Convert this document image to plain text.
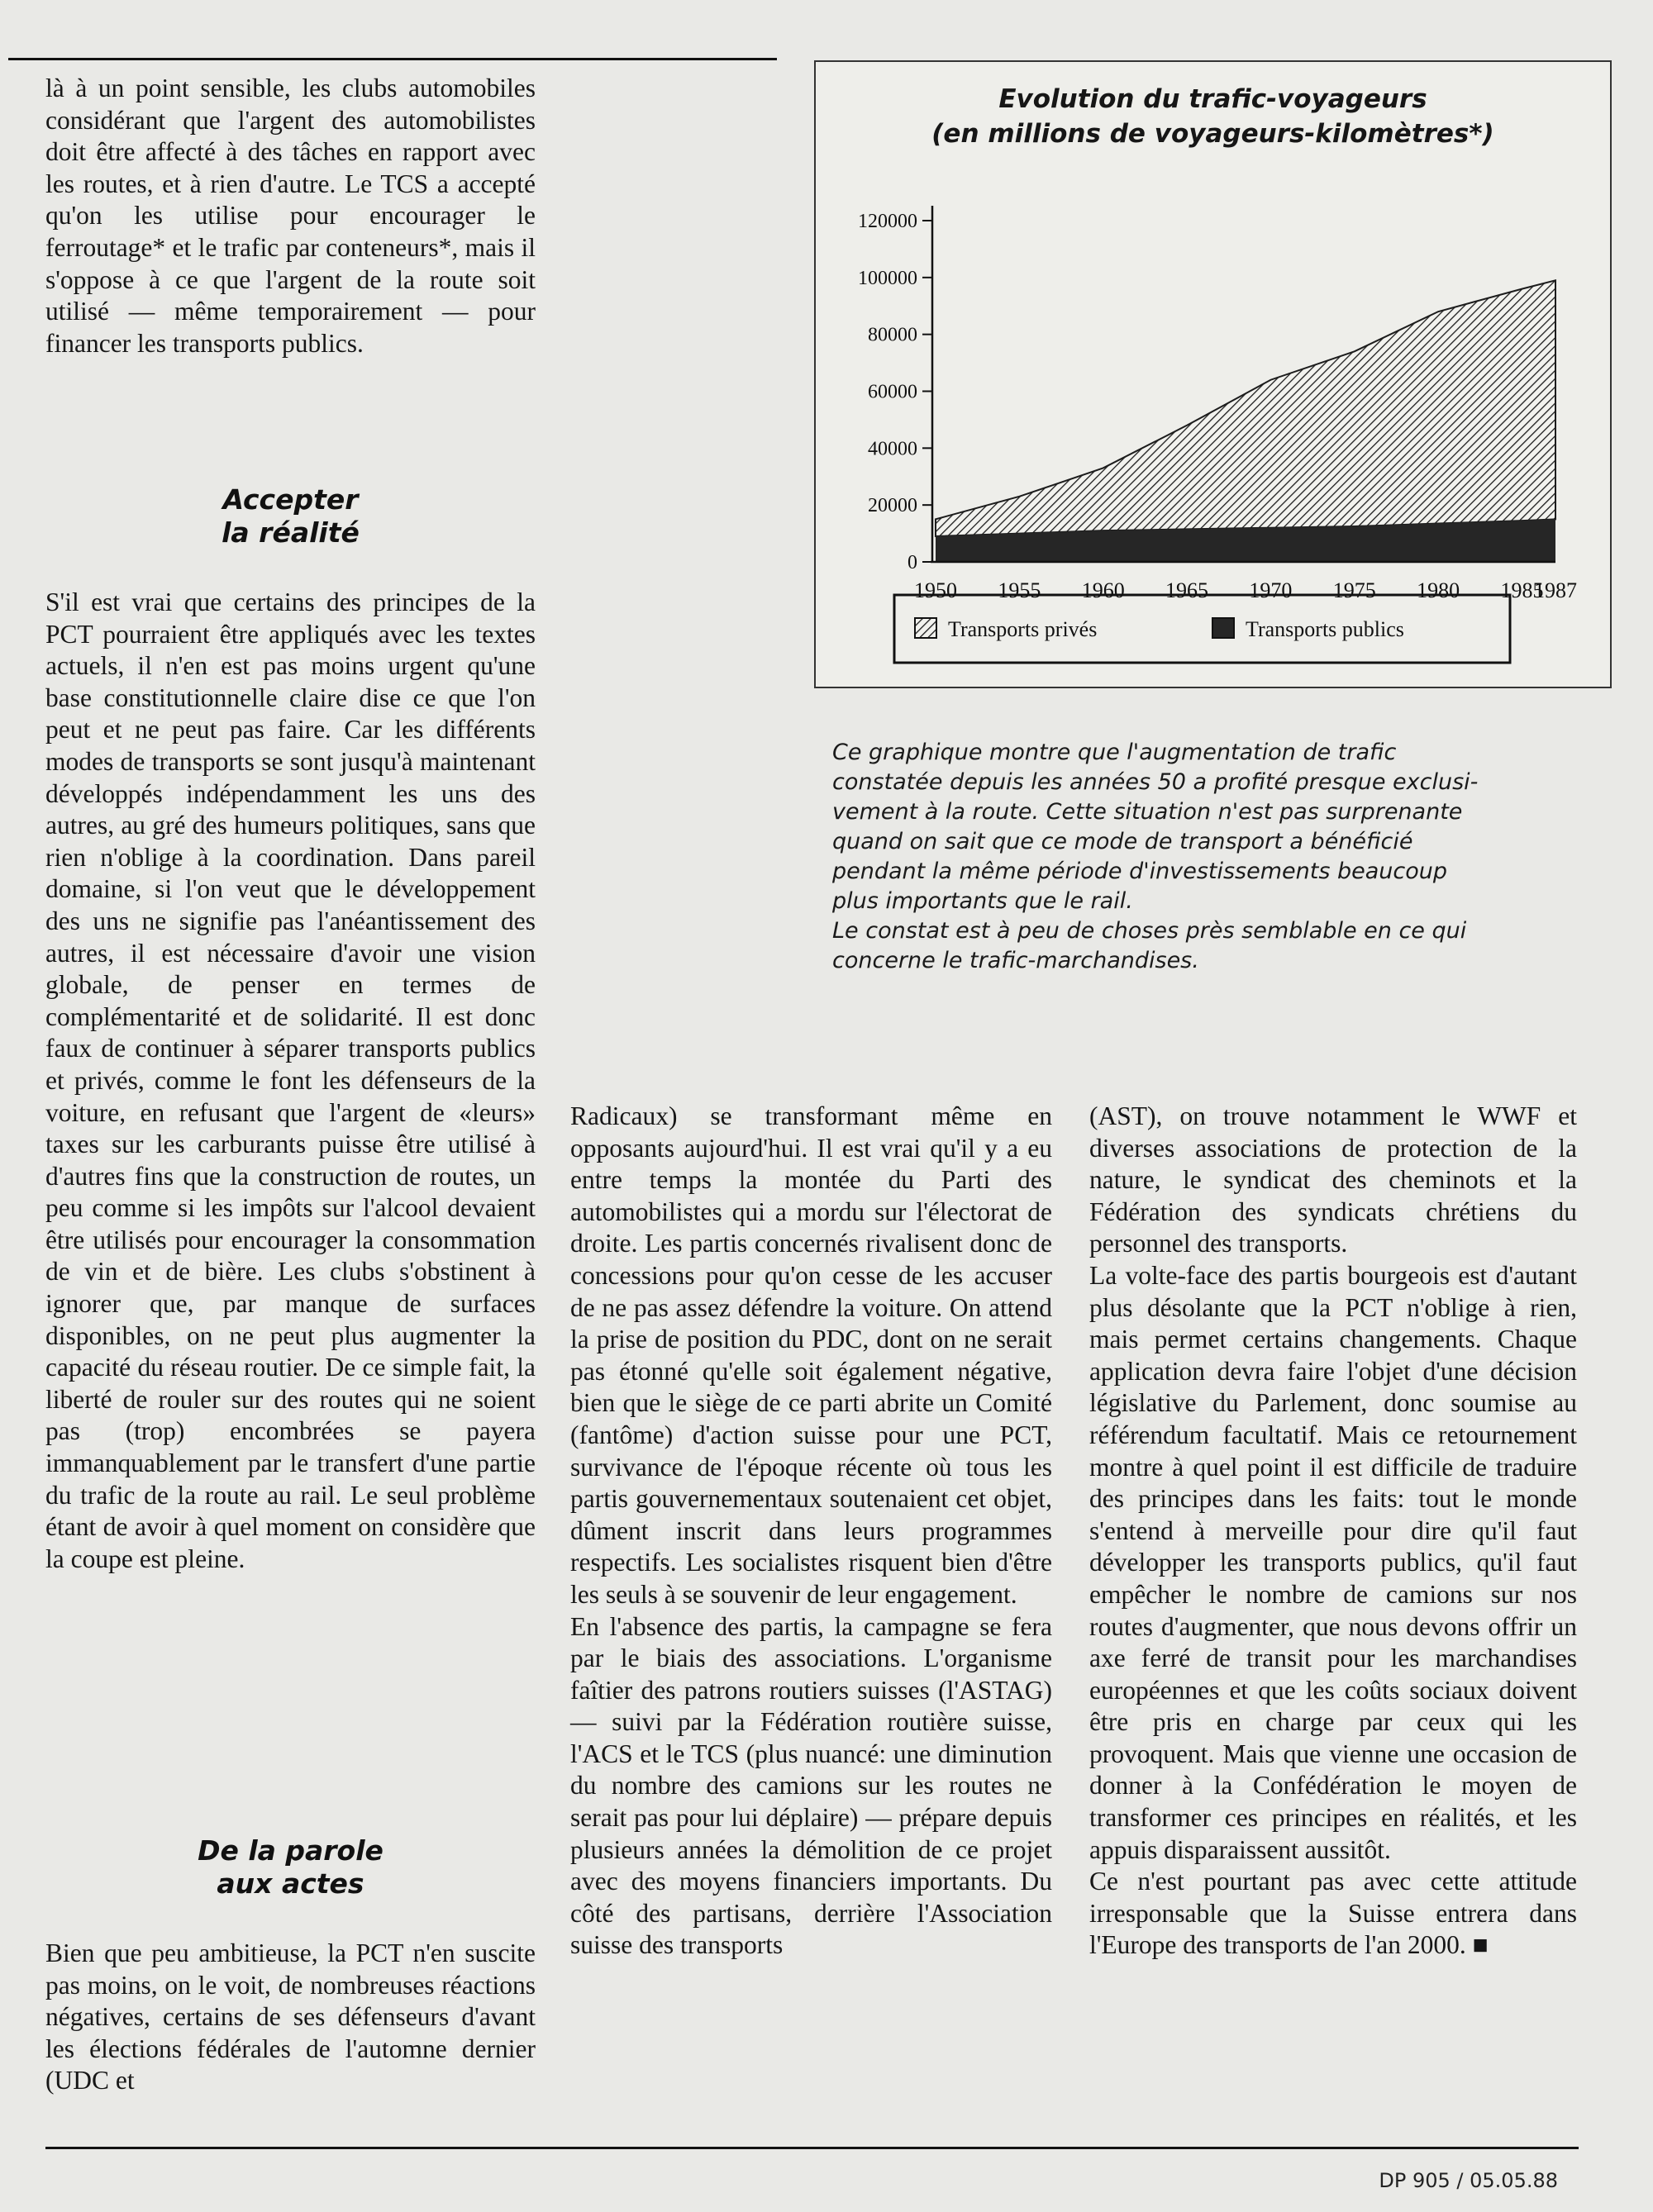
là à un point sensible, les clubs automobiles considérant que l'argent des automobilistes doit être affecté à des tâches en rapport avec les routes, et à rien d'autre. Le TCS a accepté qu'on les utilise pour encourager le ferroutage* et le trafic par conteneurs*, mais il s'oppose à ce que l'argent de la route soit utilisé — même temporairement — pour financer les transports publics.

Accepter
la réalité

S'il est vrai que certains des principes de la PCT pourraient être appliqués avec les textes actuels, il n'en est pas moins urgent qu'une base constitutionnelle claire dise ce que l'on peut et ne peut pas faire. Car les différents modes de transports se sont jusqu'à maintenant développés indépendamment les uns des autres, au gré des humeurs politiques, sans que rien n'oblige à la coordination. Dans pareil domaine, si l'on veut que le développement des uns ne signifie pas l'anéantissement des autres, il est nécessaire d'avoir une vision globale, de penser en termes de complémentarité et de solidarité. Il est donc faux de continuer à séparer transports publics et privés, comme le font les défenseurs de la voiture, en refusant que l'argent de «leurs» taxes sur les carburants puisse être utilisé à d'autres fins que la construction de routes, un peu comme si les impôts sur l'alcool devaient être utilisés pour encourager la consommation de vin et de bière. Les clubs s'obstinent à ignorer que, par manque de surfaces disponibles, on ne peut plus augmenter la capacité du réseau routier. De ce simple fait, la liberté de rouler sur des routes qui ne soient pas (trop) encombrées se payera immanquablement par le transfert d'une partie du trafic de la route au rail. Le seul problème étant de avoir à quel moment on considère que la coupe est pleine.

De la parole
aux actes

Bien que peu ambitieuse, la PCT n'en suscite pas moins, on le voit, de nombreuses réactions négatives, certains de ses défenseurs d'avant les élections fédérales de l'automne dernier (UDC et

Radicaux) se transformant même en opposants aujourd'hui. Il est vrai qu'il y a eu entre temps la montée du Parti des automobilistes qui a mordu sur l'électorat de droite. Les partis concernés rivalisent donc de concessions pour qu'on cesse de les accuser de ne pas assez défendre la voiture. On attend la prise de position du PDC, dont on ne serait pas étonné qu'elle soit également négative, bien que le siège de ce parti abrite un Comité (fantôme) d'action suisse pour une PCT, survivance de l'époque récente où tous les partis gouvernementaux soutenaient cet objet, dûment inscrit dans leurs programmes respectifs. Les socialistes risquent bien d'être les seuls à se souvenir de leur engagement.

En l'absence des partis, la campagne se fera par le biais des associations. L'organisme faîtier des patrons routiers suisses (l'ASTAG) — suivi par la Fédération routière suisse, l'ACS et le TCS (plus nuancé: une diminution du nombre des camions sur les routes ne serait pas pour lui déplaire) — prépare depuis plusieurs années la démolition de ce projet avec des moyens financiers importants. Du côté des partisans, derrière l'Association suisse des transports

(AST), on trouve notamment le WWF et diverses associations de protection de la nature, le syndicat des cheminots et la Fédération des syndicats chrétiens du personnel des transports.

La volte-face des partis bourgeois est d'autant plus désolante que la PCT n'oblige à rien, mais permet certains changements. Chaque application devra faire l'objet d'une décision législative du Parlement, donc soumise au référendum facultatif. Mais ce retournement montre à quel point il est difficile de traduire des principes dans les faits: tout le monde s'entend à merveille pour dire qu'il faut développer les transports publics, qu'il faut empêcher le nombre de camions sur nos routes d'augmenter, que nous devons offrir un axe ferré de transit pour les marchandises européennes et que les coûts sociaux doivent être pris en charge par ceux qui les provoquent. Mais que vienne une occasion de donner à la Confédération le moyen de transformer ces principes en réalités, et les appuis disparaissent aussitôt.

Ce n'est pourtant pas avec cette attitude irresponsable que la Suisse entrera dans l'Europe des transports de l'an 2000. ■

Evolution du trafic-voyageurs
(en millions de voyageurs-kilomètres*)
0
20000
40000
60000
80000
100000
120000
1950 1955 1960 1965 1970 1975 1980 1985
1987
Transports privés	Transports publics
Ce graphique montre que l'augmentation de trafic
constatée depuis les années 50 a profité presque exclusi-
vement à la route. Cette situation n'est pas surprenante
quand on sait que ce mode de transport a bénéficié
pendant la même période d'investissements beaucoup
plus importants que le rail.
Le constat est à peu de choses près semblable en ce qui
concerne le trafic-marchandises.
DP 905 / 05.05.88
